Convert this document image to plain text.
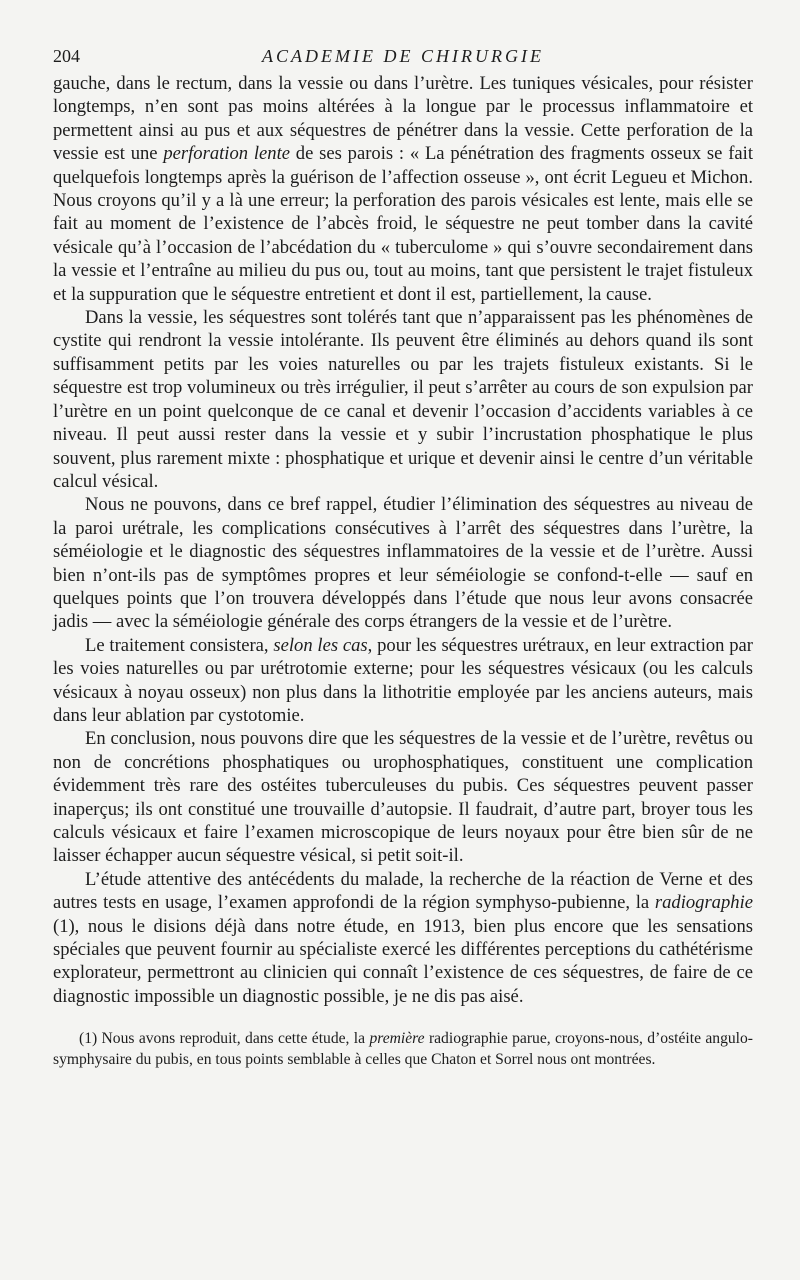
204	ACADEMIE DE CHIRURGIE

gauche, dans le rectum, dans la vessie ou dans l’urètre. Les tuniques vésicales, pour résister longtemps, n’en sont pas moins altérées à la longue par le processus inflammatoire et permettent ainsi au pus et aux séquestres de pénétrer dans la vessie. Cette perforation de la vessie est une perforation lente de ses parois : « La pénétration des fragments osseux se fait quelquefois longtemps après la guérison de l’affection osseuse », ont écrit Legueu et Michon. Nous croyons qu’il y a là une erreur; la perforation des parois vésicales est lente, mais elle se fait au moment de l’existence de l’abcès froid, le séquestre ne peut tomber dans la cavité vésicale qu’à l’occasion de l’abcédation du « tuberculome » qui s’ouvre secondairement dans la vessie et l’entraîne au milieu du pus ou, tout au moins, tant que persistent le trajet fistuleux et la suppuration que le séquestre entretient et dont il est, partiellement, la cause.

Dans la vessie, les séquestres sont tolérés tant que n’apparaissent pas les phénomènes de cystite qui rendront la vessie intolérante. Ils peuvent être éliminés au dehors quand ils sont suffisamment petits par les voies naturelles ou par les trajets fistuleux existants. Si le séquestre est trop volumineux ou très irrégulier, il peut s’arrêter au cours de son expulsion par l’urètre en un point quelconque de ce canal et devenir l’occasion d’accidents variables à ce niveau. Il peut aussi rester dans la vessie et y subir l’incrustation phosphatique le plus souvent, plus rarement mixte : phosphatique et urique et devenir ainsi le centre d’un véritable calcul vésical.

Nous ne pouvons, dans ce bref rappel, étudier l’élimination des séquestres au niveau de la paroi urétrale, les complications consécutives à l’arrêt des séquestres dans l’urètre, la séméiologie et le diagnostic des séquestres inflammatoires de la vessie et de l’urètre. Aussi bien n’ont-ils pas de symptômes propres et leur séméiologie se confond-t-elle — sauf en quelques points que l’on trouvera développés dans l’étude que nous leur avons consacrée jadis — avec la séméiologie générale des corps étrangers de la vessie et de l’urètre.

Le traitement consistera, selon les cas, pour les séquestres urétraux, en leur extraction par les voies naturelles ou par urétrotomie externe; pour les séquestres vésicaux (ou les calculs vésicaux à noyau osseux) non plus dans la lithotritie employée par les anciens auteurs, mais dans leur ablation par cystotomie.

En conclusion, nous pouvons dire que les séquestres de la vessie et de l’urètre, revêtus ou non de concrétions phosphatiques ou urophosphatiques, constituent une complication évidemment très rare des ostéites tuberculeuses du pubis. Ces séquestres peuvent passer inaperçus; ils ont constitué une trouvaille d’autopsie. Il faudrait, d’autre part, broyer tous les calculs vésicaux et faire l’examen microscopique de leurs noyaux pour être bien sûr de ne laisser échapper aucun séquestre vésical, si petit soit-il.

L’étude attentive des antécédents du malade, la recherche de la réaction de Verne et des autres tests en usage, l’examen approfondi de la région symphyso-pubienne, la radiographie (1), nous le disions déjà dans notre étude, en 1913, bien plus encore que les sensations spéciales que peuvent fournir au spécialiste exercé les différentes perceptions du cathétérisme explorateur, permettront au clinicien qui connaît l’existence de ces séquestres, de faire de ce diagnostic impossible un diagnostic possible, je ne dis pas aisé.

(1) Nous avons reproduit, dans cette étude, la première radiographie parue, croyons-nous, d’ostéite angulo-symphysaire du pubis, en tous points semblable à celles que Chaton et Sorrel nous ont montrées.
